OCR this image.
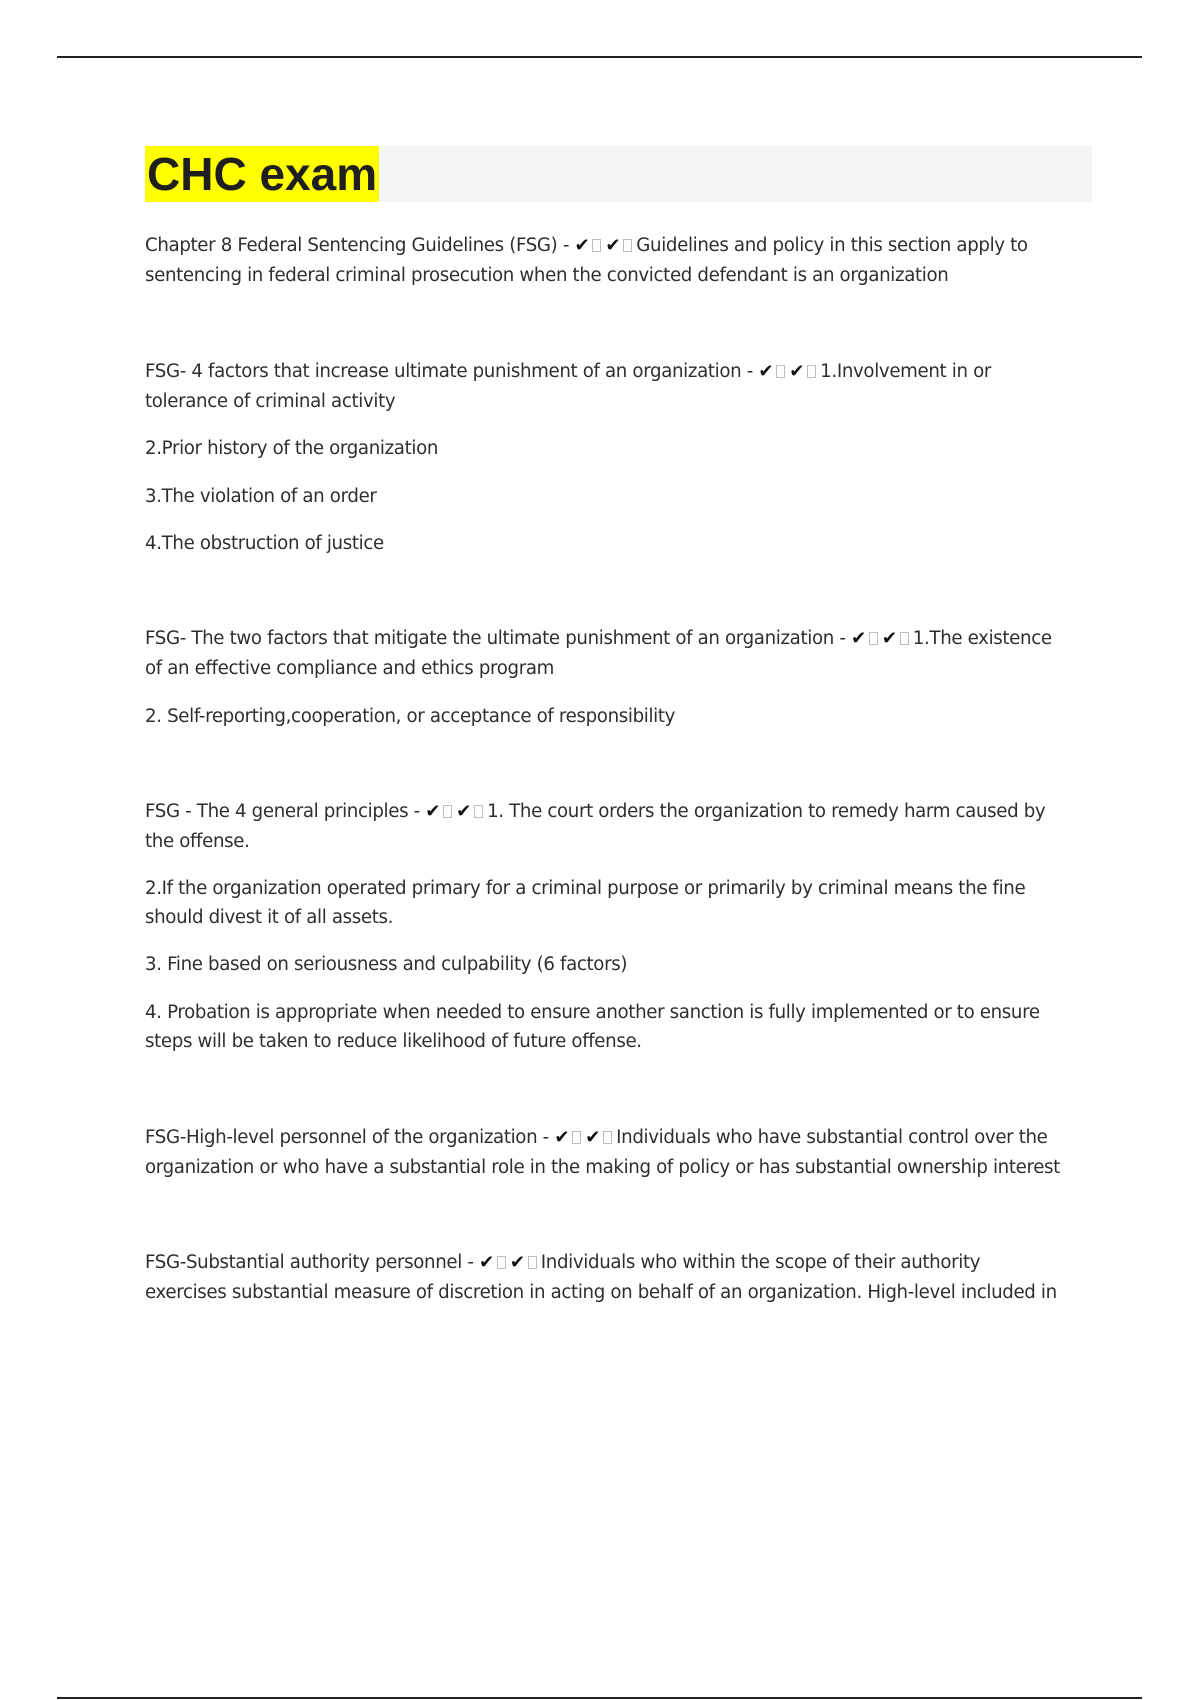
CHC exam

Chapter 8 Federal Sentencing Guidelines (FSG) - ✔ ✔ Guidelines and policy in this section apply to

sentencing in federal criminal prosecution when the convicted defendant is an organization

FSG- 4 factors that increase ultimate punishment of an organization - ✔ ✔ 1.Involvement in or

tolerance of criminal activity

2.Prior history of the organization

3.The violation of an order

4.The obstruction of justice

FSG- The two factors that mitigate the ultimate punishment of an organization - ✔ ✔ 1.The existence

of an effective compliance and ethics program

2. Self-reporting,cooperation, or acceptance of responsibility

FSG - The 4 general principles - ✔ ✔ 1. The court orders the organization to remedy harm caused by

the offense.

2.If the organization operated primary for a criminal purpose or primarily by criminal means the fine

should divest it of all assets.

3. Fine based on seriousness and culpability (6 factors)

4. Probation is appropriate when needed to ensure another sanction is fully implemented or to ensure

steps will be taken to reduce likelihood of future offense.

FSG-High-level personnel of the organization - ✔ ✔ Individuals who have substantial control over the

organization or who have a substantial role in the making of policy or has substantial ownership interest

FSG-Substantial authority personnel - ✔ ✔ Individuals who within the scope of their authority

exercises substantial measure of discretion in acting on behalf of an organization. High-level included in
